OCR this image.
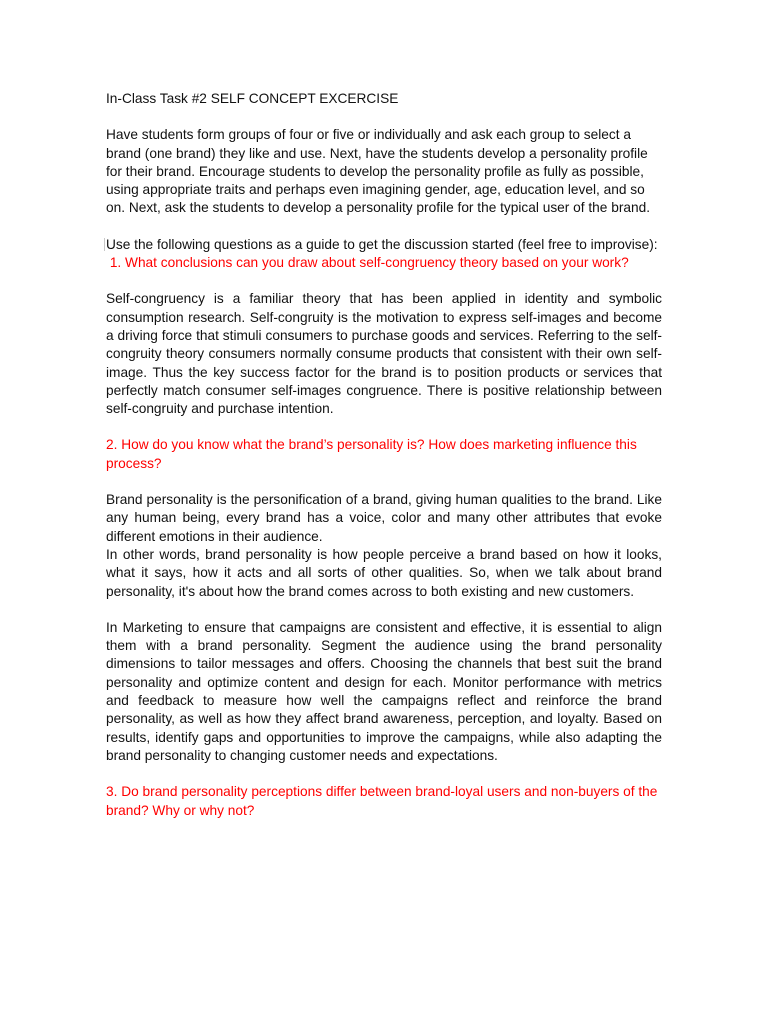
In-Class Task #2 SELF CONCEPT EXCERCISE

Have students form groups of four or five or individually and ask each group to select a brand (one brand) they like and use. Next, have the students develop a personality profile for their brand. Encourage students to develop the personality profile as fully as possible, using appropriate traits and perhaps even imagining gender, age, education level, and so on. Next, ask the students to develop a personality profile for the typical user of the brand.

Use the following questions as a guide to get the discussion started (feel free to improvise):

1. What conclusions can you draw about self-congruency theory based on your work?

Self-congruency is a familiar theory that has been applied in identity and symbolic consumption research. Self-congruity is the motivation to express self-images and become a driving force that stimuli consumers to purchase goods and services. Referring to the self-congruity theory consumers normally consume products that consistent with their own self-image. Thus the key success factor for the brand is to position products or services that perfectly match consumer self-images congruence. There is positive relationship between self-congruity and purchase intention.

2. How do you know what the brand’s personality is? How does marketing influence this process?

Brand personality is the personification of a brand, giving human qualities to the brand. Like any human being, every brand has a voice, color and many other attributes that evoke different emotions in their audience.

In other words, brand personality is how people perceive a brand based on how it looks, what it says, how it acts and all sorts of other qualities. So, when we talk about brand personality, it's about how the brand comes across to both existing and new customers.

In Marketing to ensure that campaigns are consistent and effective, it is essential to align them with a brand personality. Segment the audience using the brand personality dimensions to tailor messages and offers. Choosing the channels that best suit the brand personality and optimize content and design for each. Monitor performance with metrics and feedback to measure how well the campaigns reflect and reinforce the brand personality, as well as how they affect brand awareness, perception, and loyalty. Based on results, identify gaps and opportunities to improve the campaigns, while also adapting the brand personality to changing customer needs and expectations.

3. Do brand personality perceptions differ between brand-loyal users and non-buyers of the brand? Why or why not?
